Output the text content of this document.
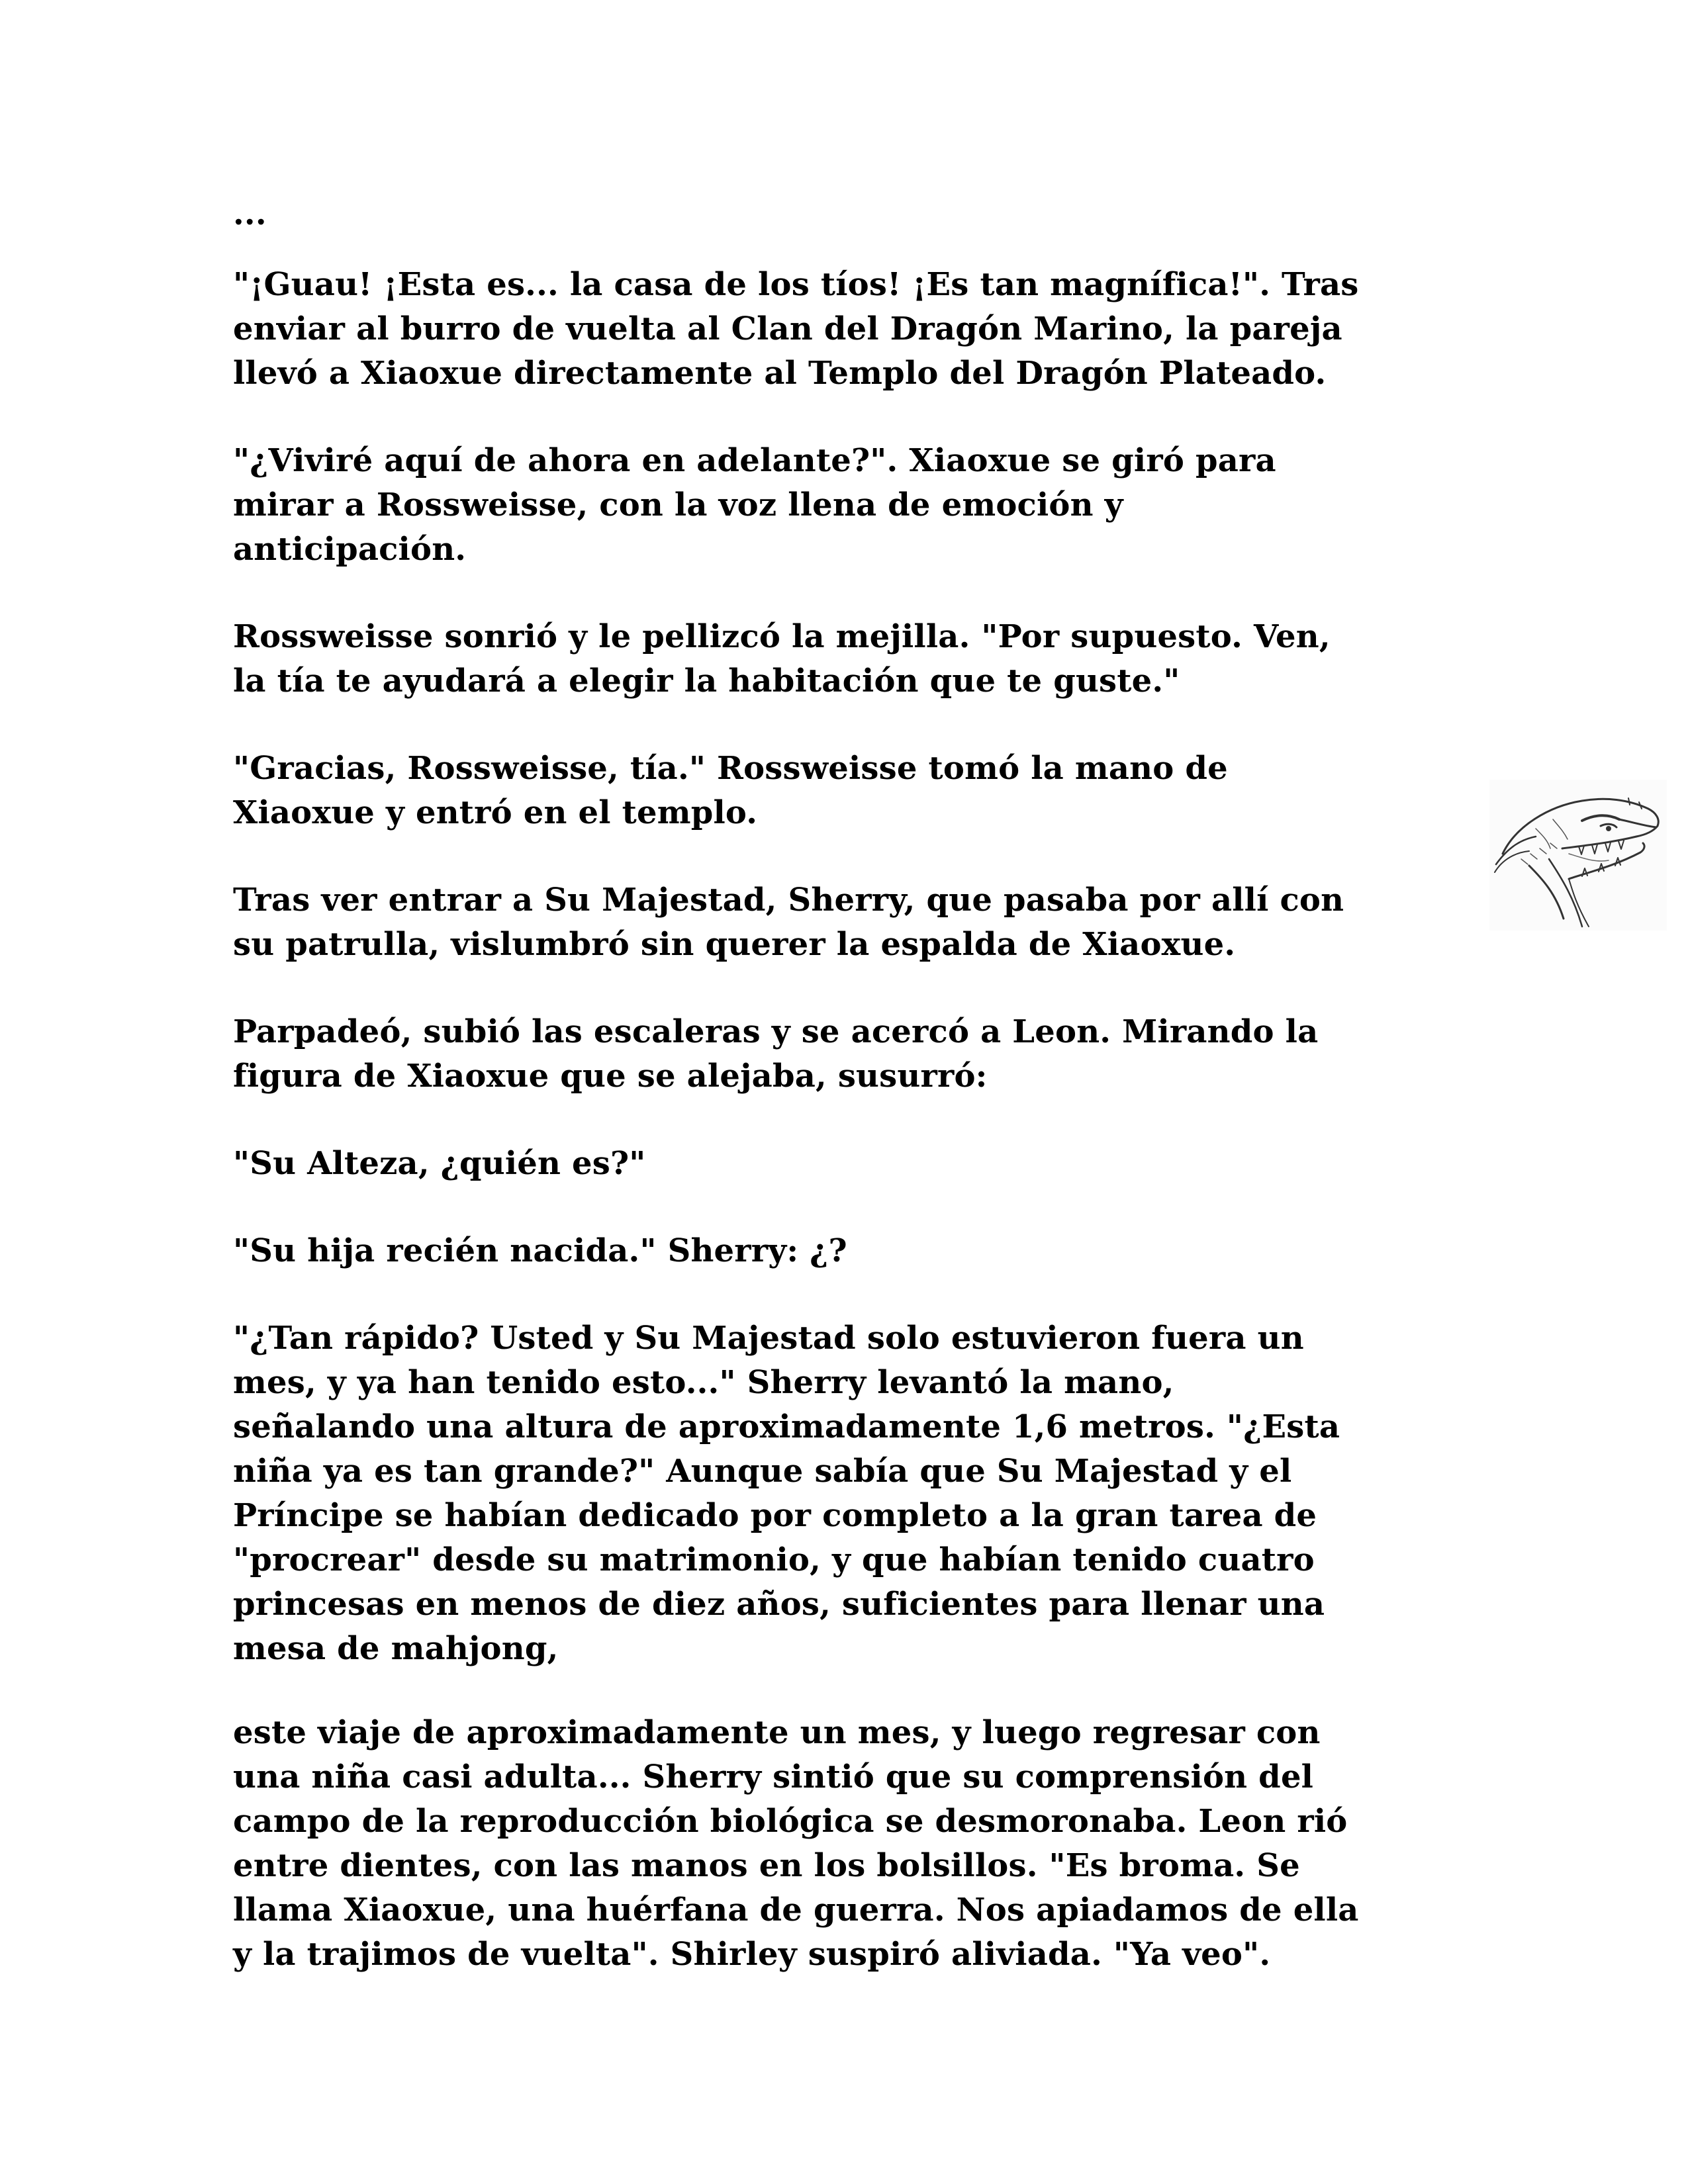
...

"¡Guau! ¡Esta es... la casa de los tíos! ¡Es tan magnífica!". Tras
enviar al burro de vuelta al Clan del Dragón Marino, la pareja
llevó a Xiaoxue directamente al Templo del Dragón Plateado.

"¿Viviré aquí de ahora en adelante?". Xiaoxue se giró para
mirar a Rossweisse, con la voz llena de emoción y
anticipación.

Rossweisse sonrió y le pellizcó la mejilla. "Por supuesto. Ven,
la tía te ayudará a elegir la habitación que te guste."

"Gracias, Rossweisse, tía." Rossweisse tomó la mano de
Xiaoxue y entró en el templo.

Tras ver entrar a Su Majestad, Sherry, que pasaba por allí con
su patrulla, vislumbró sin querer la espalda de Xiaoxue.

Parpadeó, subió las escaleras y se acercó a Leon. Mirando la
figura de Xiaoxue que se alejaba, susurró:

"Su Alteza, ¿quién es?"

"Su hija recién nacida." Sherry: ¿?

"¿Tan rápido? Usted y Su Majestad solo estuvieron fuera un
mes, y ya han tenido esto..." Sherry levantó la mano,
señalando una altura de aproximadamente 1,6 metros. "¿Esta
niña ya es tan grande?" Aunque sabía que Su Majestad y el
Príncipe se habían dedicado por completo a la gran tarea de
"procrear" desde su matrimonio, y que habían tenido cuatro
princesas en menos de diez años, suficientes para llenar una
mesa de mahjong,

este viaje de aproximadamente un mes, y luego regresar con
una niña casi adulta... Sherry sintió que su comprensión del
campo de la reproducción biológica se desmoronaba. Leon rió
entre dientes, con las manos en los bolsillos. "Es broma. Se
llama Xiaoxue, una huérfana de guerra. Nos apiadamos de ella
y la trajimos de vuelta". Shirley suspiró aliviada. "Ya veo".
